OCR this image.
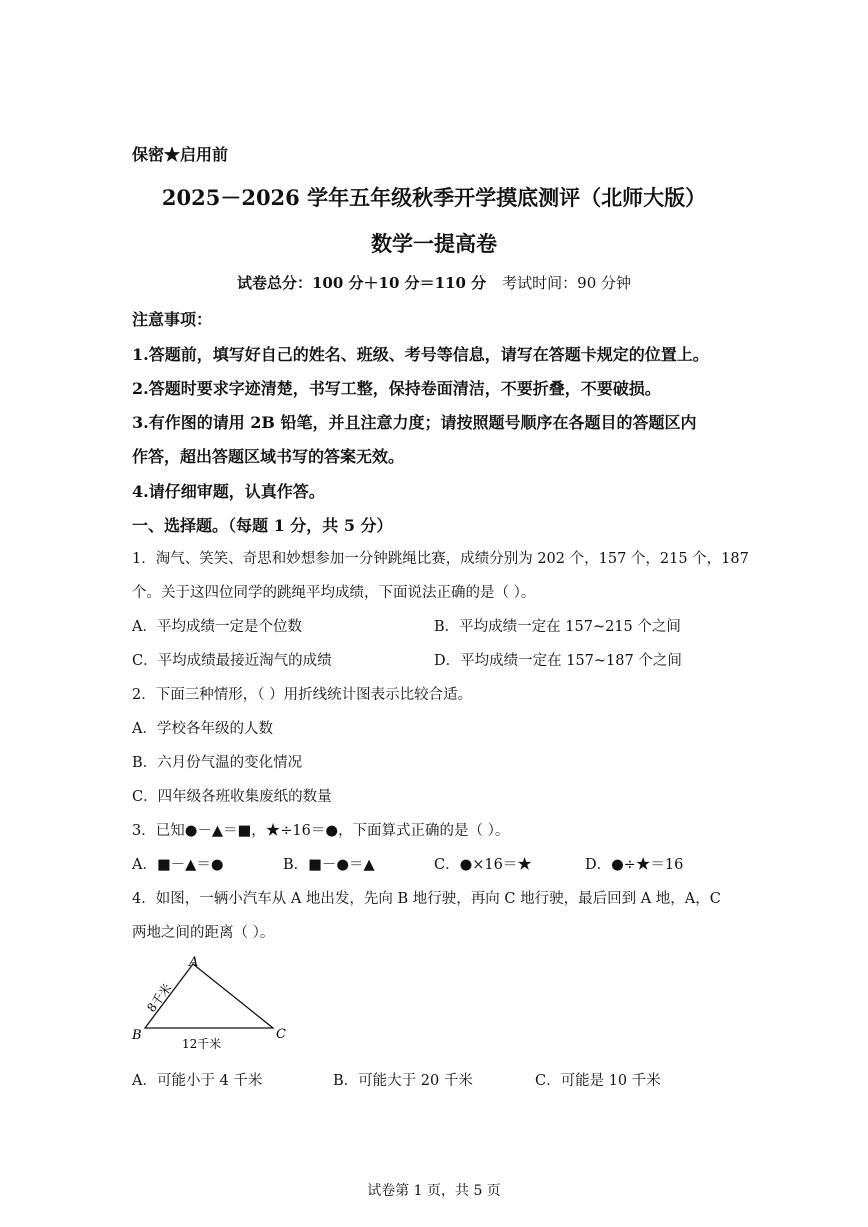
保密★启用前
2025－2026 学年五年级秋季开学摸底测评（北师大版）
数学一提高卷
试卷总分：100 分＋10 分＝110 分 考试时间：90 分钟
注意事项：
1.答题前，填写好自己的姓名、班级、考号等信息，请写在答题卡规定的位置上。
2.答题时要求字迹清楚，书写工整，保持卷面清洁，不要折叠，不要破损。
3.有作图的请用 2B 铅笔，并且注意力度；请按照题号顺序在各题目的答题区内
作答，超出答题区域书写的答案无效。
4.请仔细审题，认真作答。
一、选择题。（每题 1 分，共 5 分）
1．淘气、笑笑、奇思和妙想参加一分钟跳绳比赛，成绩分别为 202 个，157 个，215 个，187
个。关于这四位同学的跳绳平均成绩，下面说法正确的是（ ）。
A．平均成绩一定是个位数	B．平均成绩一定在 157~215 个之间
C．平均成绩最接近淘气的成绩	D．平均成绩一定在 157~187 个之间
2．下面三种情形，（ ）用折线统计图表示比较合适。
A．学校各年级的人数
B．六月份气温的变化情况
C．四年级各班收集废纸的数量
3．已知●－▲＝■，★÷16＝●，下面算式正确的是（ ）。
A．■－▲＝●	B．■－●＝▲	C．●×16＝★	D．●÷★＝16
4．如图，一辆小汽车从 A 地出发，先向 B 地行驶，再向 C 地行驶，最后回到 A 地，A，C
两地之间的距离（ ）。
A
B	C
8千米
12千米
A．可能小于 4 千米	B．可能大于 20 千米	C．可能是 10 千米
试卷第 1 页，共 5 页
